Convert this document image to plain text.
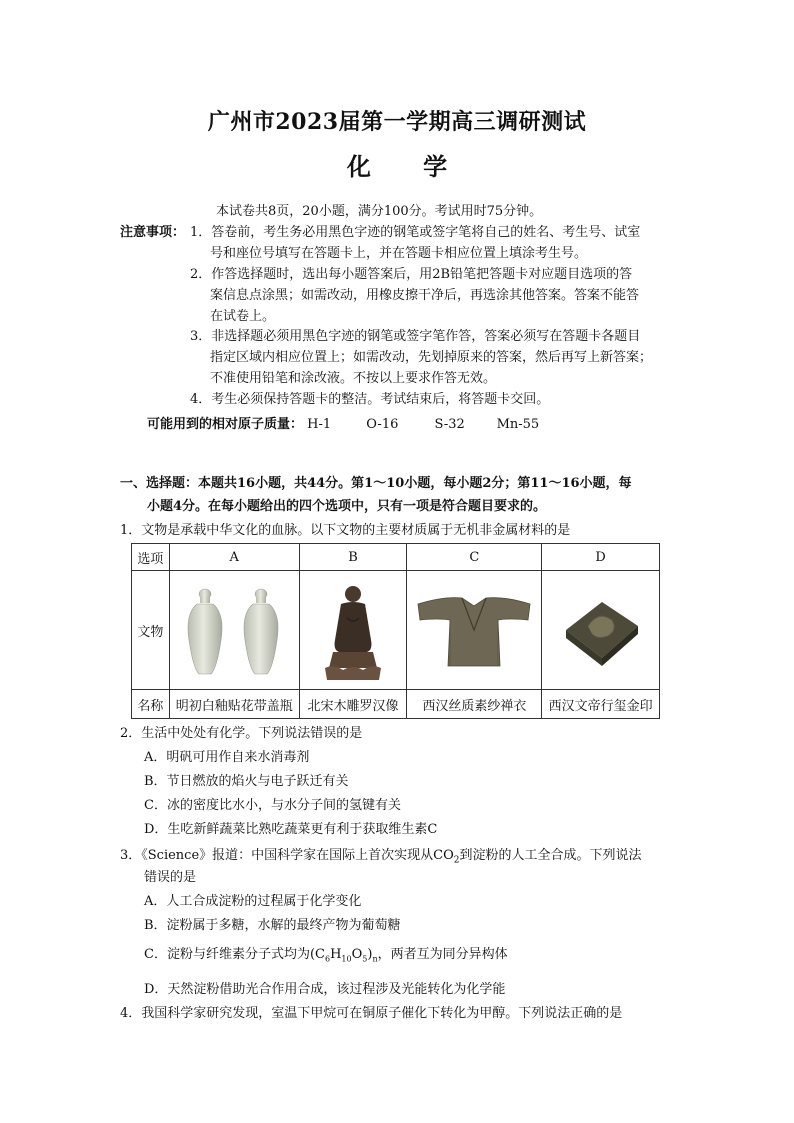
广州市2023届第一学期高三调研测试
化 学
本试卷共8页，20小题，满分100分。考试用时75分钟。
注意事项： 1．答卷前，考生务必用黑色字迹的钢笔或签字笔将自己的姓名、考生号、试室
号和座位号填写在答题卡上，并在答题卡相应位置上填涂考生号。
2．作答选择题时，选出每小题答案后，用2B铅笔把答题卡对应题目选项的答
案信息点涂黑；如需改动，用橡皮擦干净后，再选涂其他答案。答案不能答
在试卷上。
3．非选择题必须用黑色字迹的钢笔或签字笔作答，答案必须写在答题卡各题目
指定区域内相应位置上；如需改动，先划掉原来的答案，然后再写上新答案；
不准使用铅笔和涂改液。不按以上要求作答无效。
4．考生必须保持答题卡的整洁。考试结束后，将答题卡交回。
可能用到的相对原子质量： H-1	O-16	S-32 Mn-55
一、选择题：本题共16小题，共44分。第1～10小题，每小题2分；第11～16小题，每
小题4分。在每小题给出的四个选项中，只有一项是符合题目要求的。
1．文物是承载中华文化的血脉。以下文物的主要材质属于无机非金属材料的是
选项	A	B	C	D
文物	

名称	明初白釉贴花带盖瓶	北宋木雕罗汉像	西汉丝质素纱禅衣	西汉文帝行玺金印
2．生活中处处有化学。下列说法错误的是
A．明矾可用作自来水消毒剂
B．节日燃放的焰火与电子跃迁有关
C．冰的密度比水小，与水分子间的氢键有关
D．生吃新鲜蔬菜比熟吃蔬菜更有利于获取维生素C
3．《Science》报道：中国科学家在国际上首次实现从$CO_2$到淀粉的人工全合成。下列说法
错误的是
A．人工合成淀粉的过程属于化学变化
B．淀粉属于多糖，水解的最终产物为葡萄糖
C．淀粉与纤维素分子式均为$(C_6H_{10}O_5)_n$，两者互为同分异构体
D．天然淀粉借助光合作用合成，该过程涉及光能转化为化学能
4．我国科学家研究发现，室温下甲烷可在铜原子催化下转化为甲醇。下列说法正确的是
